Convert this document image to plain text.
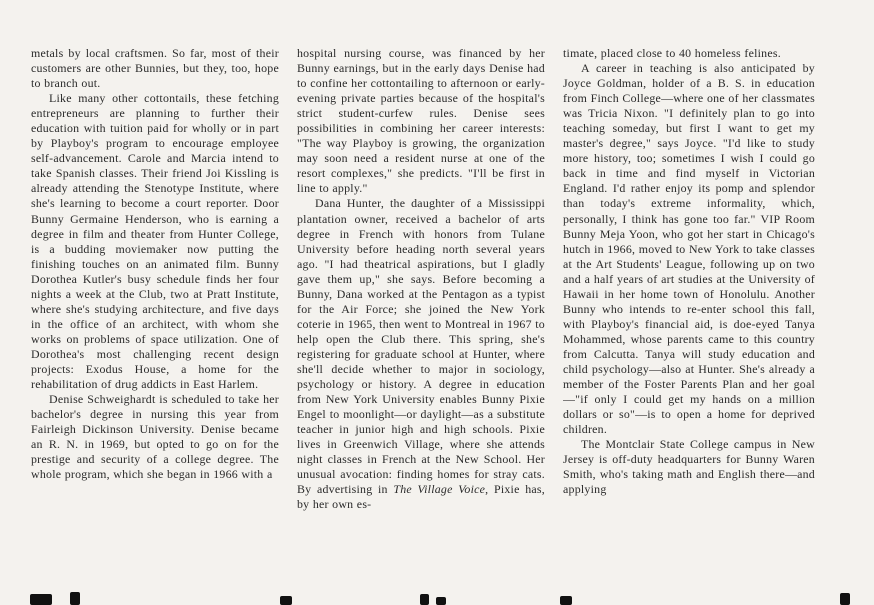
metals by local craftsmen. So far, most of their customers are other Bunnies, but they, too, hope to branch out.

Like many other cottontails, these fetching entrepreneurs are planning to further their education with tuition paid for wholly or in part by Playboy's program to encourage employee self-advancement. Carole and Marcia intend to take Spanish classes. Their friend Joi Kissling is already attending the Stenotype Institute, where she's learning to become a court reporter. Door Bunny Germaine Henderson, who is earning a degree in film and theater from Hunter College, is a budding moviemaker now putting the finishing touches on an animated film. Bunny Dorothea Kutler's busy schedule finds her four nights a week at the Club, two at Pratt Institute, where she's studying architecture, and five days in the office of an architect, with whom she works on problems of space utilization. One of Dorothea's most challenging recent design projects: Exodus House, a home for the rehabilitation of drug addicts in East Harlem.

Denise Schweighardt is scheduled to take her bachelor's degree in nursing this year from Fairleigh Dickinson University. Denise became an R. N. in 1969, but opted to go on for the prestige and security of a college degree. The whole program, which she began in 1966 with a

hospital nursing course, was financed by her Bunny earnings, but in the early days Denise had to confine her cottontailing to afternoon or early-evening private parties because of the hospital's strict student-curfew rules. Denise sees possibilities in combining her career interests: "The way Playboy is growing, the organization may soon need a resident nurse at one of the resort complexes," she predicts. "I'll be first in line to apply."

Dana Hunter, the daughter of a Mississippi plantation owner, received a bachelor of arts degree in French with honors from Tulane University before heading north several years ago. "I had theatrical aspirations, but I gladly gave them up," she says. Before becoming a Bunny, Dana worked at the Pentagon as a typist for the Air Force; she joined the New York coterie in 1965, then went to Montreal in 1967 to help open the Club there. This spring, she's registering for graduate school at Hunter, where she'll decide whether to major in sociology, psychology or history. A degree in education from New York University enables Bunny Pixie Engel to moonlight—or daylight—as a substitute teacher in junior high and high schools. Pixie lives in Greenwich Village, where she attends night classes in French at the New School. Her unusual avocation: finding homes for stray cats. By advertising in The Village Voice, Pixie has, by her own es-

timate, placed close to 40 homeless felines.

A career in teaching is also anticipated by Joyce Goldman, holder of a B. S. in education from Finch College—where one of her classmates was Tricia Nixon. "I definitely plan to go into teaching someday, but first I want to get my master's degree," says Joyce. "I'd like to study more history, too; sometimes I wish I could go back in time and find myself in Victorian England. I'd rather enjoy its pomp and splendor than today's extreme informality, which, personally, I think has gone too far." VIP Room Bunny Meja Yoon, who got her start in Chicago's hutch in 1966, moved to New York to take classes at the Art Students' League, following up on two and a half years of art studies at the University of Hawaii in her home town of Honolulu. Another Bunny who intends to re-enter school this fall, with Playboy's financial aid, is doe-eyed Tanya Mohammed, whose parents came to this country from Calcutta. Tanya will study education and child psychology—also at Hunter. She's already a member of the Foster Parents Plan and her goal—"if only I could get my hands on a million dollars or so"—is to open a home for deprived children.

The Montclair State College campus in New Jersey is off-duty headquarters for Bunny Waren Smith, who's taking math and English there—and applying
